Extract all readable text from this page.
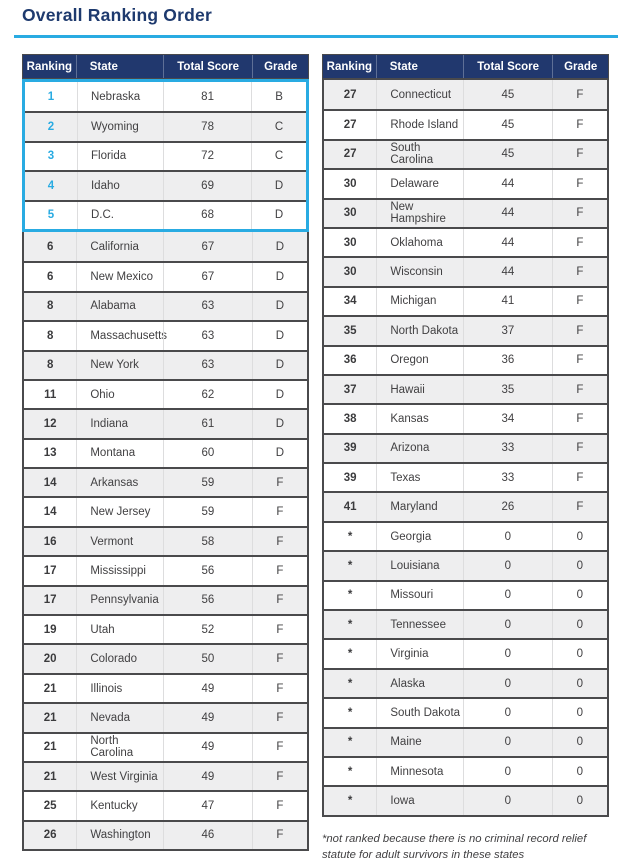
Overall Ranking Order
Ranking	State	Total Score	Grade
1	Nebraska	81	B
2	Wyoming	78	C
3	Florida	72	C
4	Idaho	69	D
5	D.C.	68	D
6	California	67	D
6	New Mexico	67	D
8	Alabama	63	D
8	Massachusetts	63	D
8	New York	63	D
11	Ohio	62	D
12	Indiana	61	D
13	Montana	60	D
14	Arkansas	59	F
14	New Jersey	59	F
16	Vermont	58	F
17	Mississippi	56	F
17	Pennsylvania	56	F
19	Utah	52	F
20	Colorado	50	F
21	Illinois	49	F
21	Nevada	49	F
21	North Carolina	49	F
21	West Virginia	49	F
25	Kentucky	47	F
26	Washington	46	F
Ranking	State	Total Score	Grade
27	Connecticut	45	F
27	Rhode Island	45	F
27	South Carolina	45	F
30	Delaware	44	F
30	New Hampshire	44	F
30	Oklahoma	44	F
30	Wisconsin	44	F
34	Michigan	41	F
35	North Dakota	37	F
36	Oregon	36	F
37	Hawaii	35	F
38	Kansas	34	F
39	Arizona	33	F
39	Texas	33	F
41	Maryland	26	F
*	Georgia	0	0
*	Louisiana	0	0
*	Missouri	0	0
*	Tennessee	0	0
*	Virginia	0	0
*	Alaska	0	0
*	South Dakota	0	0
*	Maine	0	0
*	Minnesota	0	0
*	Iowa	0	0
*not ranked because there is no criminal record relief statute for adult survivors in these states
